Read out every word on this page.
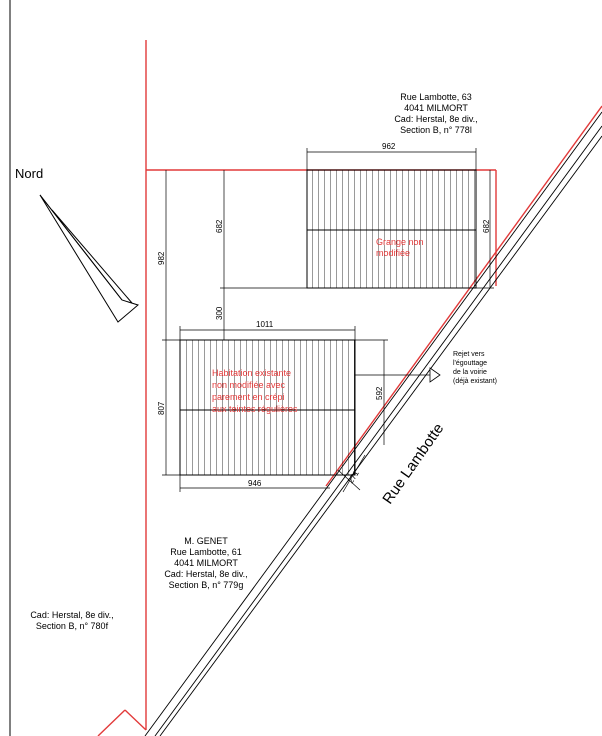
Nord
Grange non
modifiée
Habitation existante
non modifiée avec
parement en crépi
aux teintes régulières
962
682
682
982
300
1011
807
592
946	271
Rue Lambotte, 63
4041 MILMORT
Cad: Herstal, 8e div.,
Section B, n° 778l
Rejet vers
l'égouttage
de la voirie
(déjà existant)
Rue Lambotte
M. GENET
Rue Lambotte, 61
4041 MILMORT
Cad: Herstal, 8e div.,
Section B, n° 779g
Cad: Herstal, 8e div.,
Section B, n° 780f
